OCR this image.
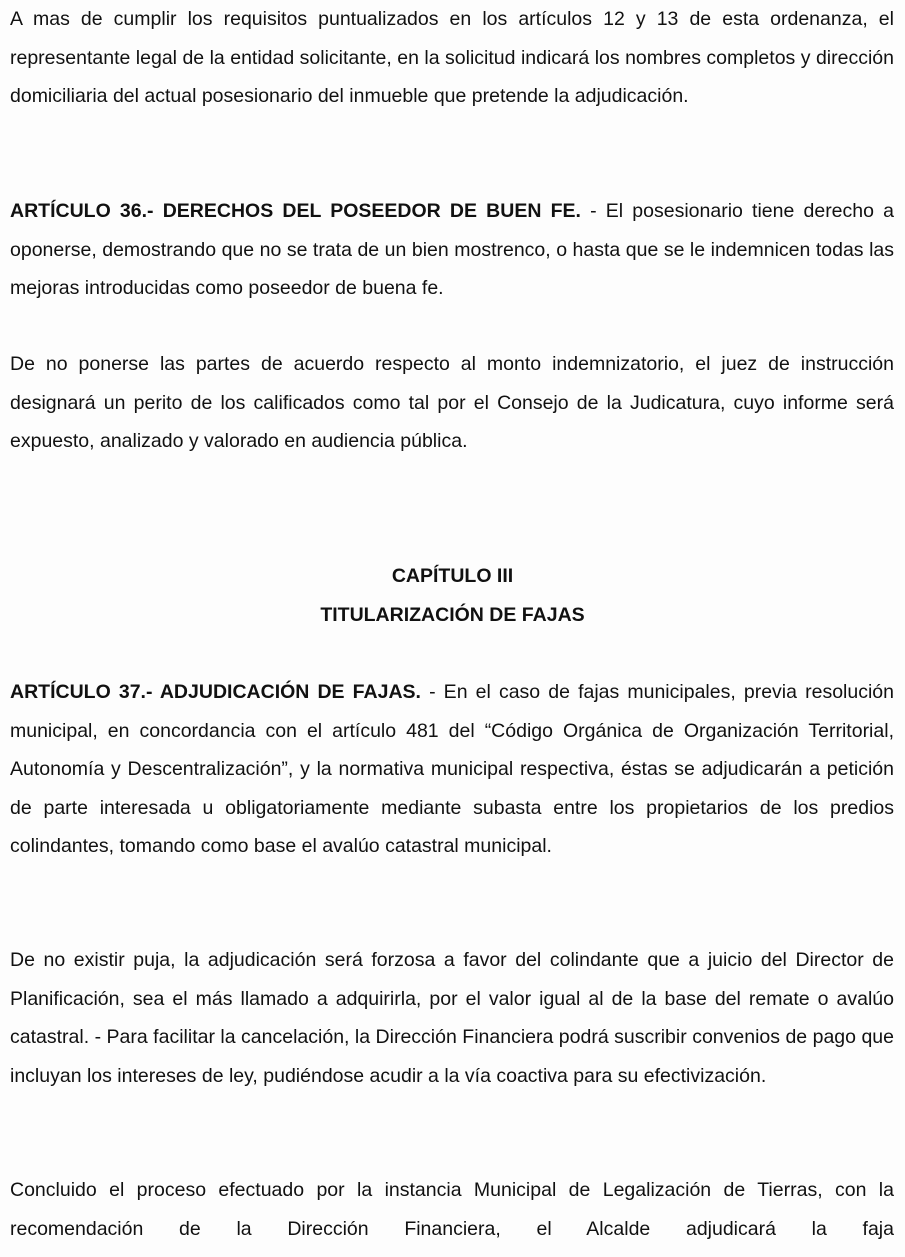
A mas de cumplir los requisitos puntualizados en los artículos 12 y 13 de esta ordenanza, el representante legal de la entidad solicitante, en la solicitud indicará los nombres completos y dirección domiciliaria del actual posesionario del inmueble que pretende la adjudicación.

ARTÍCULO 36.- DERECHOS DEL POSEEDOR DE BUEN FE. - El posesionario tiene derecho a oponerse, demostrando que no se trata de un bien mostrenco, o hasta que se le indemnicen todas las mejoras introducidas como poseedor de buena fe.

De no ponerse las partes de acuerdo respecto al monto indemnizatorio, el juez de instrucción designará un perito de los calificados como tal por el Consejo de la Judicatura, cuyo informe será expuesto, analizado y valorado en audiencia pública.

CAPÍTULO III
TITULARIZACIÓN DE FAJAS

ARTÍCULO 37.- ADJUDICACIÓN DE FAJAS. - En el caso de fajas municipales, previa resolución municipal, en concordancia con el artículo 481 del “Código Orgánica de Organización Territorial, Autonomía y Descentralización”, y la normativa municipal respectiva, éstas se adjudicarán a petición de parte interesada u obligatoriamente mediante subasta entre los propietarios de los predios colindantes, tomando como base el avalúo catastral municipal.

De no existir puja, la adjudicación será forzosa a favor del colindante que a juicio del Director de Planificación, sea el más llamado a adquirirla, por el valor igual al de la base del remate o avalúo catastral. - Para facilitar la cancelación, la Dirección Financiera podrá suscribir convenios de pago que incluyan los intereses de ley, pudiéndose acudir a la vía coactiva para su efectivización.

Concluido el proceso efectuado por la instancia Municipal de Legalización de Tierras, con la recomendación de la Dirección Financiera, el Alcalde adjudicará la faja
